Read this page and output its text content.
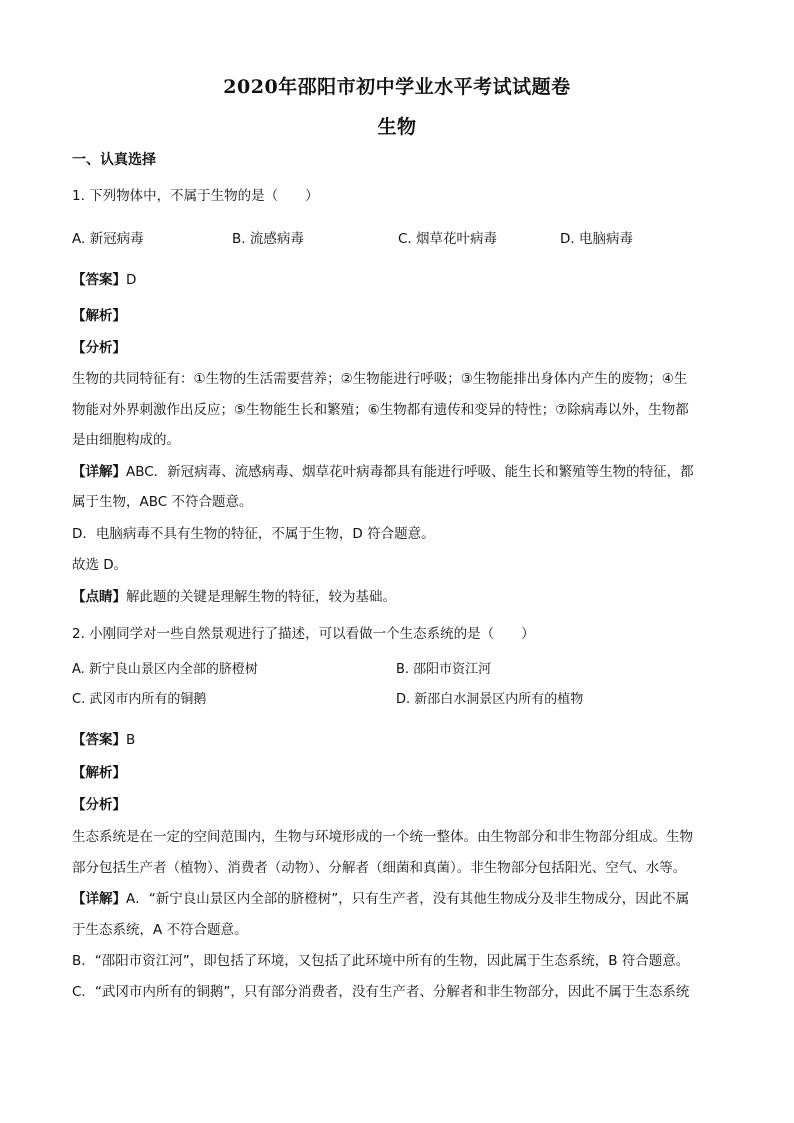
2020年邵阳市初中学业水平考试试题卷
生物
一、认真选择
1. 下列物体中，不属于生物的是（　　）
A. 新冠病毒	B. 流感病毒	C. 烟草花叶病毒	D. 电脑病毒
【答案】D
【解析】
【分析】
生物的共同特征有：①生物的生活需要营养；②生物能进行呼吸；③生物能排出身体内产生的废物；④生
物能对外界刺激作出反应；⑤生物能生长和繁殖；⑥生物都有遗传和变异的特性；⑦除病毒以外，生物都
是由细胞构成的。
【详解】ABC．新冠病毒、流感病毒、烟草花叶病毒都具有能进行呼吸、能生长和繁殖等生物的特征，都
属于生物，ABC 不符合题意。
D．电脑病毒不具有生物的特征，不属于生物，D 符合题意。
故选 D。
【点睛】解此题的关键是理解生物的特征，较为基础。
2. 小刚同学对一些自然景观进行了描述，可以看做一个生态系统的是（　　）
A. 新宁良山景区内全部的脐橙树	B. 邵阳市资江河
C. 武冈市内所有的铜鹅	D. 新邵白水洞景区内所有的植物
【答案】B
【解析】
【分析】
生态系统是在一定的空间范围内，生物与环境形成的一个统一整体。由生物部分和非生物部分组成。生物
部分包括生产者（植物）、消费者（动物）、分解者（细菌和真菌）。非生物部分包括阳光、空气、水等。
【详解】A．“新宁良山景区内全部的脐橙树”，只有生产者，没有其他生物成分及非生物成分，因此不属
于生态系统，A 不符合题意。
B．“邵阳市资江河”，即包括了环境，又包括了此环境中所有的生物，因此属于生态系统，B 符合题意。
C．“武冈市内所有的铜鹅”，只有部分消费者，没有生产者、分解者和非生物部分，因此不属于生态系统
